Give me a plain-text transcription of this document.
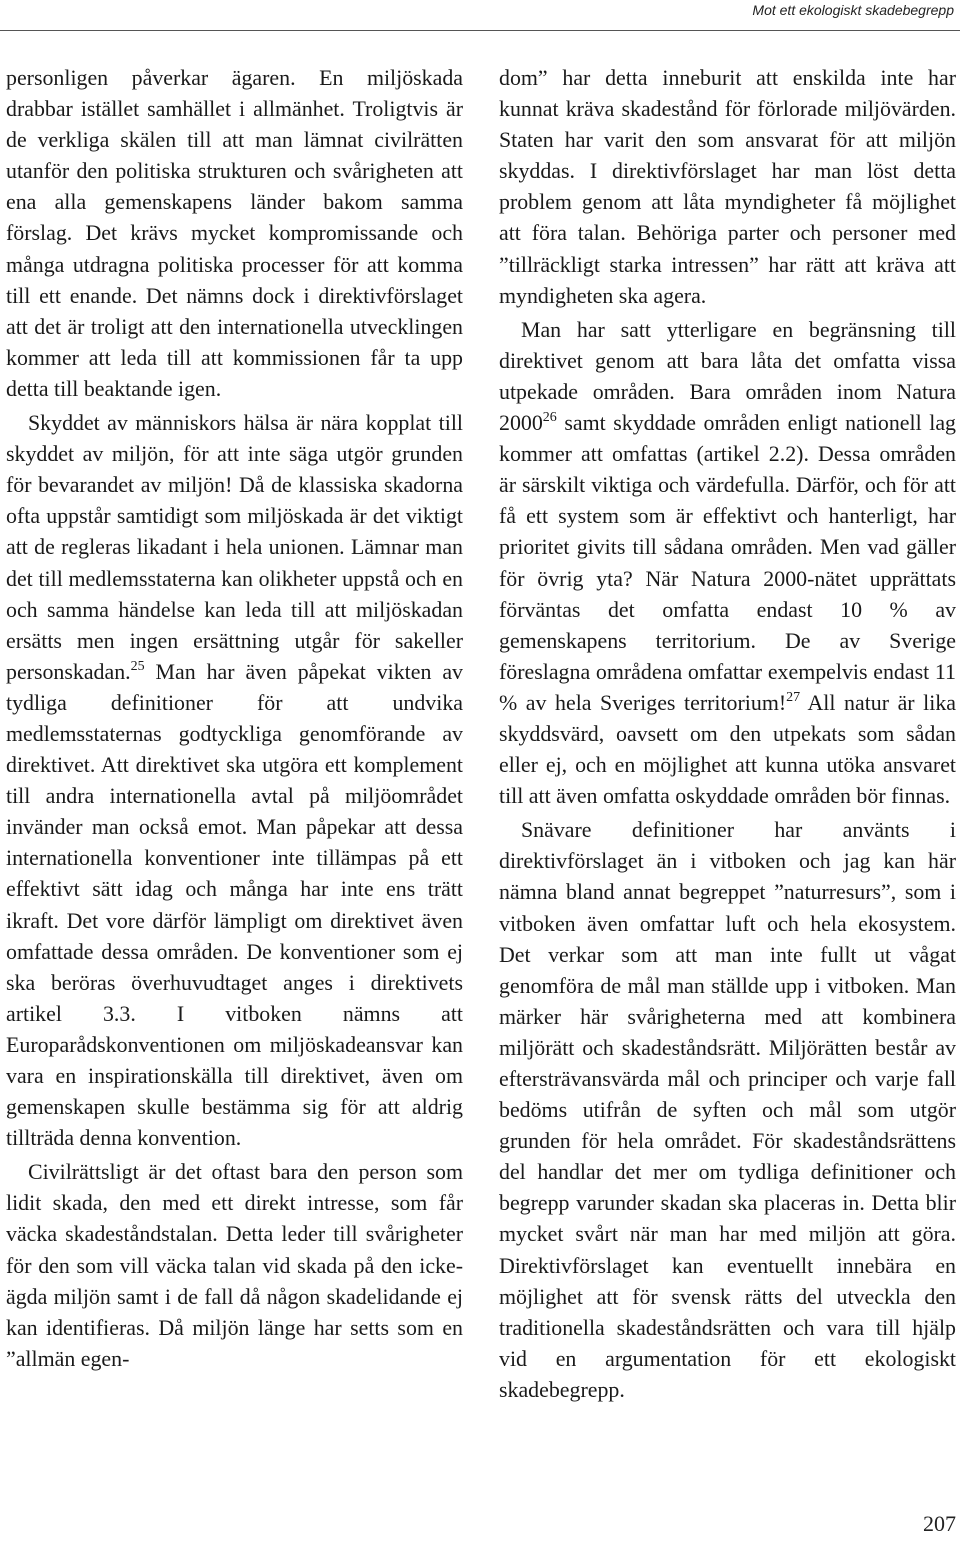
Mot ett ekologiskt skadebegrepp

personligen påverkar ägaren. En miljöskada drabbar istället samhället i allmänhet. Troligtvis är de verkliga skälen till att man lämnat civilrätten utanför den politiska strukturen och svårigheten att ena alla gemenskapens länder bakom samma förslag. Det krävs mycket kompromissande och många utdragna politiska processer för att komma till ett enande. Det nämns dock i direktivförslaget att det är troligt att den internationella utvecklingen kommer att leda till att kommissionen får ta upp detta till beaktande igen.

Skyddet av människors hälsa är nära kopplat till skyddet av miljön, för att inte säga utgör grunden för bevarandet av miljön! Då de klassiska skadorna ofta uppstår samtidigt som miljöskada är det viktigt att de regleras likadant i hela unionen. Lämnar man det till medlemsstaterna kan olikheter uppstå och en och samma händelse kan leda till att miljöskadan ersätts men ingen ersättning utgår för sakeller personskadan.$^{25}$ Man har även påpekat vikten av tydliga definitioner för att undvika medlemsstaternas godtyckliga genomförande av direktivet. Att direktivet ska utgöra ett komplement till andra internationella avtal på miljöområdet invänder man också emot. Man påpekar att dessa internationella konventioner inte tillämpas på ett effektivt sätt idag och många har inte ens trätt ikraft. Det vore därför lämpligt om direktivet även omfattade dessa områden. De konventioner som ej ska beröras överhuvudtaget anges i direktivets artikel 3.3. I vitboken nämns att Europarådskonventionen om miljöskadeansvar kan vara en inspirationskälla till direktivet, även om gemenskapen skulle bestämma sig för att aldrig tillträda denna konvention.

Civilrättsligt är det oftast bara den person som lidit skada, den med ett direkt intresse, som får väcka skadeståndstalan. Detta leder till svårigheter för den som vill väcka talan vid skada på den icke-ägda miljön samt i de fall då någon skadelidande ej kan identifieras. Då miljön länge har setts som en ”allmän egen-

dom” har detta inneburit att enskilda inte har kunnat kräva skadestånd för förlorade miljövärden. Staten har varit den som ansvarat för att miljön skyddas. I direktivförslaget har man löst detta problem genom att låta myndigheter få möjlighet att föra talan. Behöriga parter och personer med ”tillräckligt starka intressen” har rätt att kräva att myndigheten ska agera.

Man har satt ytterligare en begränsning till direktivet genom att bara låta det omfatta vissa utpekade områden. Bara områden inom Natura 2000$^{26}$ samt skyddade områden enligt nationell lag kommer att omfattas (artikel 2.2). Dessa områden är särskilt viktiga och värdefulla. Därför, och för att få ett system som är effektivt och hanterligt, har prioritet givits till sådana områden. Men vad gäller för övrig yta? När Natura 2000-nätet upprättats förväntas det omfatta endast 10 % av gemenskapens territorium. De av Sverige föreslagna områdena omfattar exempelvis endast 11 % av hela Sveriges territorium!$^{27}$ All natur är lika skyddsvärd, oavsett om den utpekats som sådan eller ej, och en möjlighet att kunna utöka ansvaret till att även omfatta oskyddade områden bör finnas.

Snävare definitioner har använts i direktivförslaget än i vitboken och jag kan här nämna bland annat begreppet ”naturresurs”, som i vitboken även omfattar luft och hela ekosystem. Det verkar som att man inte fullt ut vågat genomföra de mål man ställde upp i vitboken. Man märker här svårigheterna med att kombinera miljörätt och skadeståndsrätt. Miljörätten består av eftersträvansvärda mål och principer och varje fall bedöms utifrån de syften och mål som utgör grunden för hela området. För skadeståndsrättens del handlar det mer om tydliga definitioner och begrepp varunder skadan ska placeras in. Detta blir mycket svårt när man har med miljön att göra. Direktivförslaget kan eventuellt innebära en möjlighet att för svensk rätts del utveckla den traditionella skadeståndsrätten och vara till hjälp vid en argumentation för ett ekologiskt skadebegrepp.

207
